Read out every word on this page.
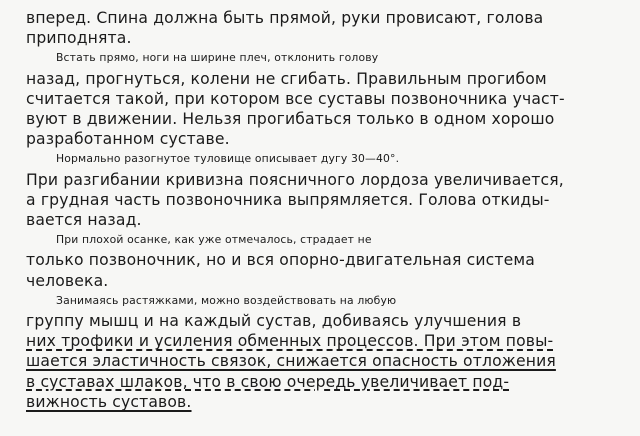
вперед. Спина должна быть прямой, руки провисают, голова
приподнята.

Встать прямо, ноги на ширине плеч, отклонить голову
назад, прогнуться, колени не сгибать. Правильным прогибом
считается такой, при котором все суставы позвоночника участ-
вуют в движении. Нельзя прогибаться только в одном хорошо
разработанном суставе.

Нормально разогнутое туловище описывает дугу 30—40°.
При разгибании кривизна поясничного лордоза увеличивается,
а грудная часть позвоночника выпрямляется. Голова откиды-
вается назад.

При плохой осанке, как уже отмечалось, страдает не
только позвоночник, но и вся опорно-двигательная система
человека.

Занимаясь растяжками, можно воздействовать на любую
группу мышц и на каждый сустав, добиваясь улучшения в
них трофики и усиления обменных процессов. При этом повы-
шается эластичность связок, снижается опасность отложения
в суставах шлаков, что в свою очередь увеличивает под-
вижность суставов.
